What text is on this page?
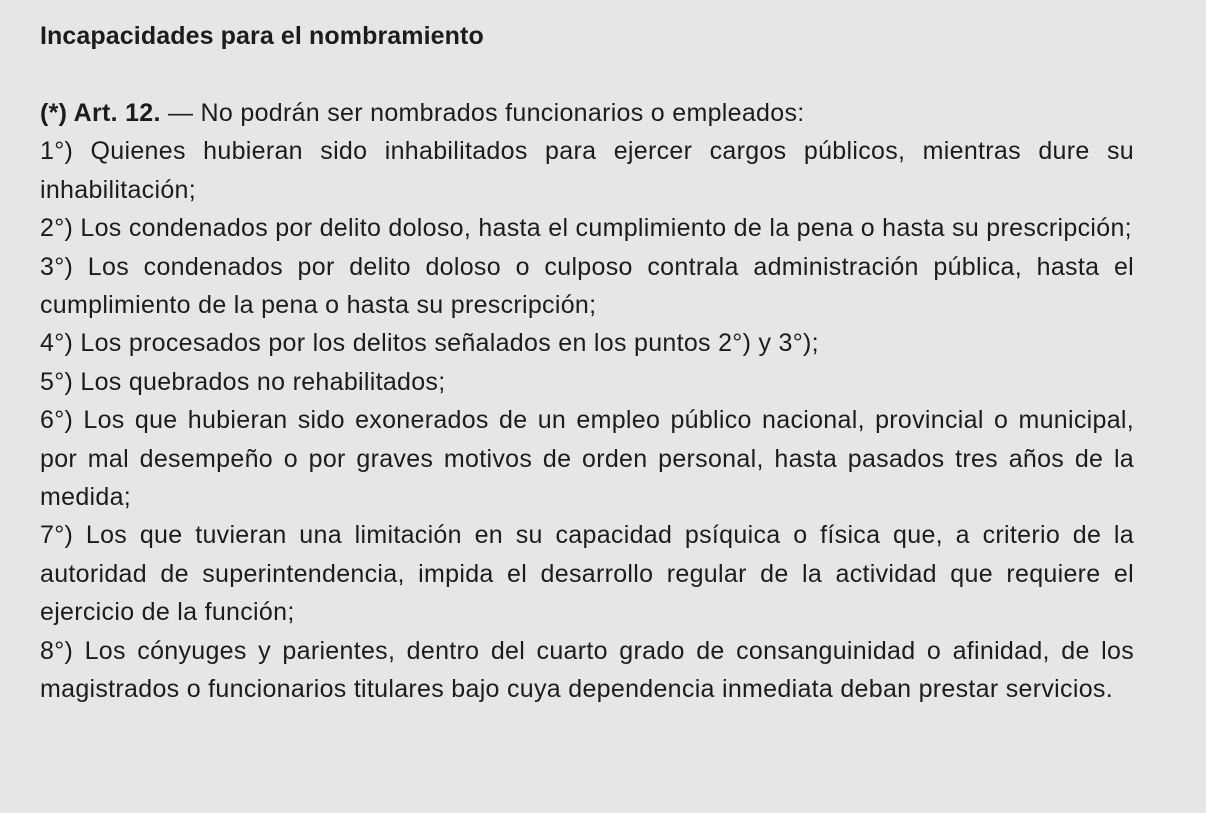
Incapacidades para el nombramiento

(*) Art. 12. — No podrán ser nombrados funcionarios o empleados:

1°) Quienes hubieran sido inhabilitados para ejercer cargos públicos, mientras dure su inhabilitación;

2°) Los condenados por delito doloso, hasta el cumplimiento de la pena o hasta su prescripción;

3°) Los condenados por delito doloso o culposo contrala administración pública, hasta el cumplimiento de la pena o hasta su prescripción;

4°) Los procesados por los delitos señalados en los puntos 2°) y 3°);

5°) Los quebrados no rehabilitados;

6°) Los que hubieran sido exonerados de un empleo público nacional, provincial o municipal, por mal desempeño o por graves motivos de orden personal, hasta pasados tres años de la medida;

7°) Los que tuvieran una limitación en su capacidad psíquica o física que, a criterio de la autoridad de superintendencia, impida el desarrollo regular de la actividad que requiere el ejercicio de la función;

8°) Los cónyuges y parientes, dentro del cuarto grado de consanguinidad o afinidad, de los magistrados o funcionarios titulares bajo cuya dependencia inmediata deban prestar servicios.
